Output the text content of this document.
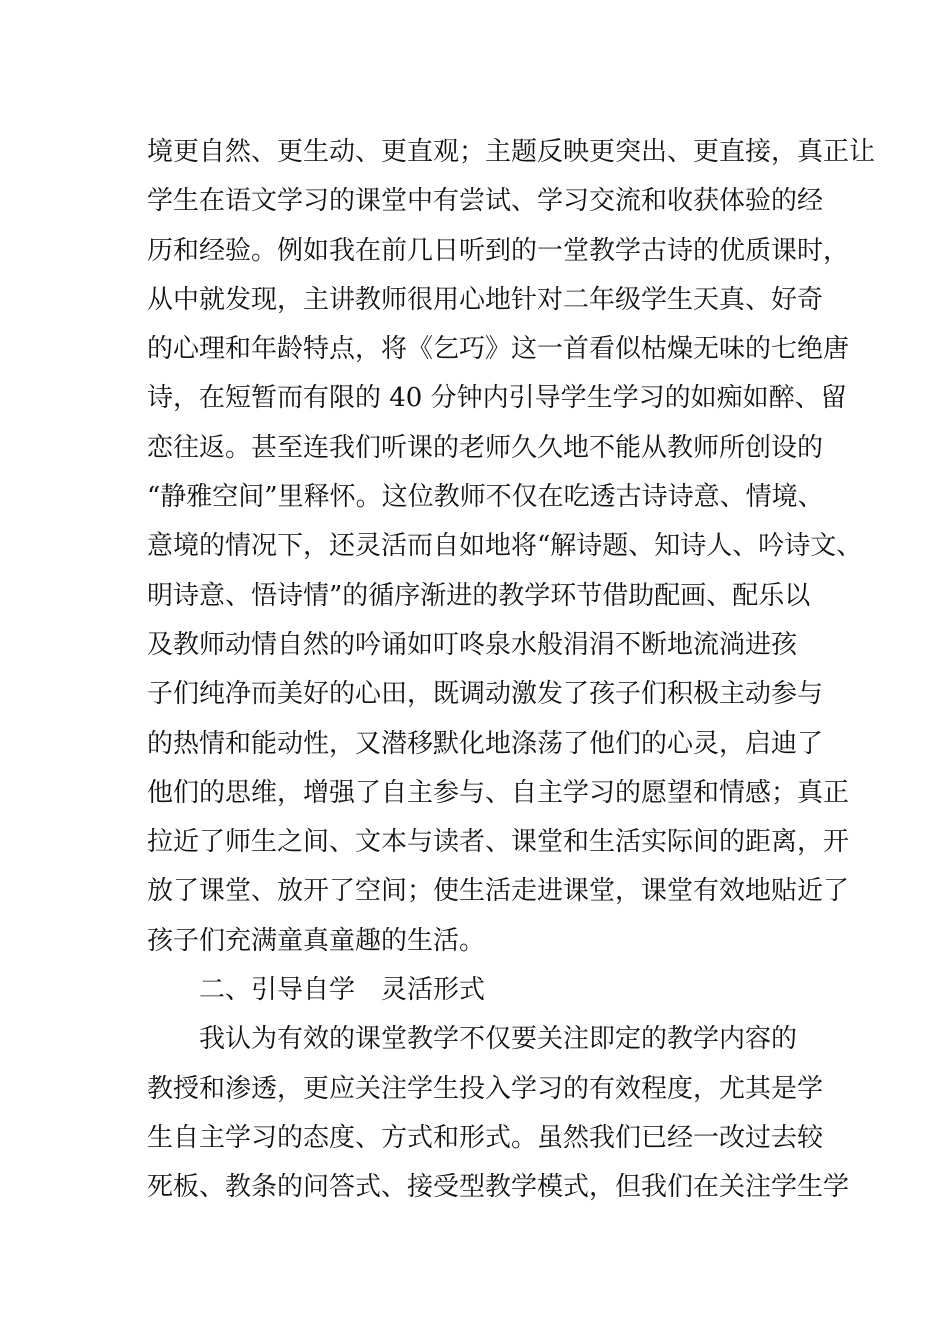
境更自然、更生动、更直观；主题反映更突出、更直接，真正让
学生在语文学习的课堂中有尝试、学习交流和收获体验的经
历和经验。例如我在前几日听到的一堂教学古诗的优质课时，
从中就发现，主讲教师很用心地针对二年级学生天真、好奇
的心理和年龄特点，将《乞巧》这一首看似枯燥无味的七绝唐
诗，在短暂而有限的 40 分钟内引导学生学习的如痴如醉、留
恋往返。甚至连我们听课的老师久久地不能从教师所创设的
“静雅空间”里释怀。这位教师不仅在吃透古诗诗意、情境、
意境的情况下，还灵活而自如地将“解诗题、知诗人、吟诗文、
明诗意、悟诗情”的循序渐进的教学环节借助配画、配乐以
及教师动情自然的吟诵如叮咚泉水般涓涓不断地流淌进孩
子们纯净而美好的心田，既调动激发了孩子们积极主动参与
的热情和能动性，又潜移默化地涤荡了他们的心灵，启迪了
他们的思维，增强了自主参与、自主学习的愿望和情感；真正
拉近了师生之间、文本与读者、课堂和生活实际间的距离，开
放了课堂、放开了空间；使生活走进课堂，课堂有效地贴近了
孩子们充满童真童趣的生活。
二、引导自学　灵活形式
我认为有效的课堂教学不仅要关注即定的教学内容的
教授和渗透，更应关注学生投入学习的有效程度，尤其是学
生自主学习的态度、方式和形式。虽然我们已经一改过去较
死板、教条的问答式、接受型教学模式，但我们在关注学生学
